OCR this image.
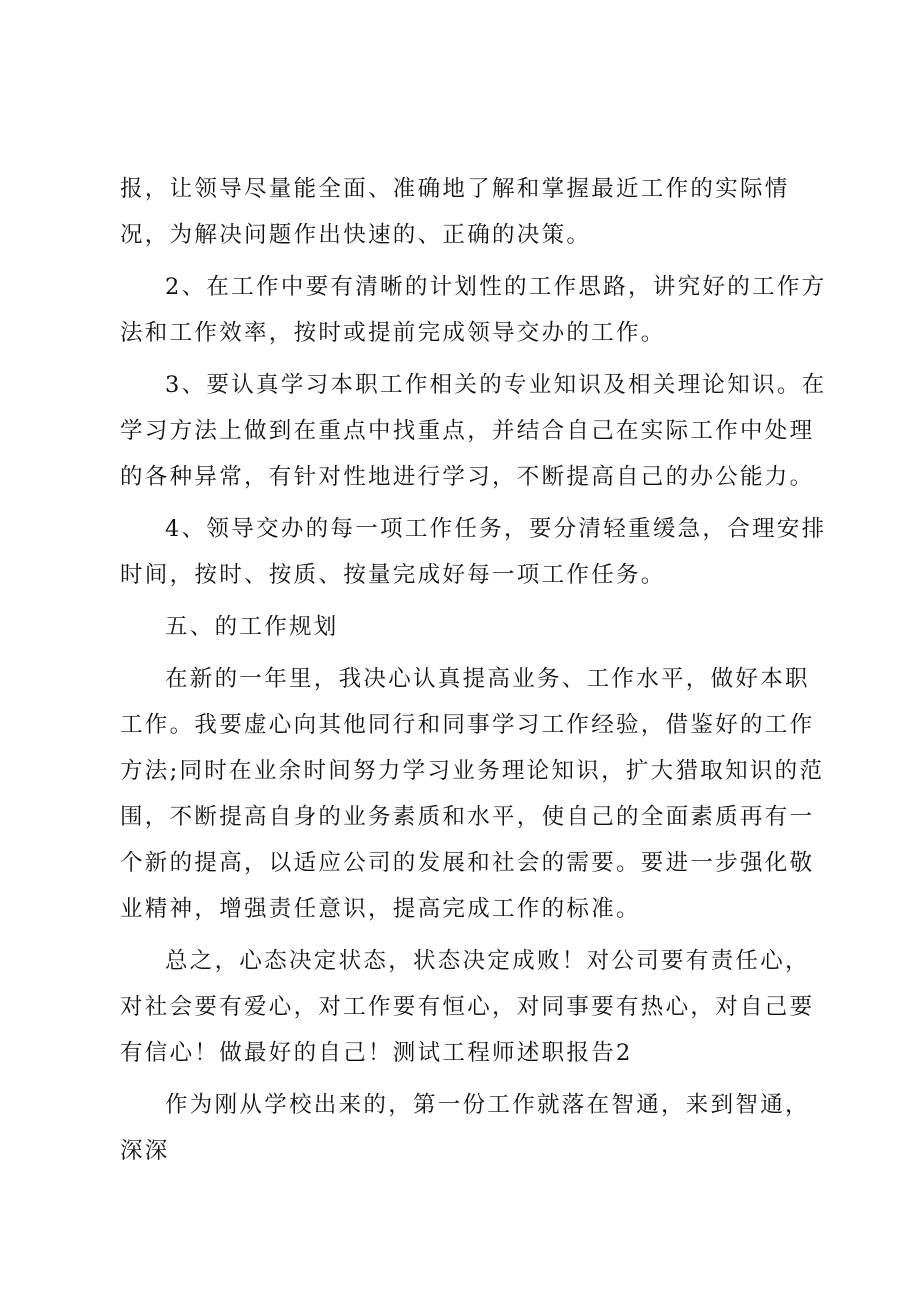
报，让领导尽量能全面、准确地了解和掌握最近工作的实际情况，为解决问题作出快速的、正确的决策。

2、在工作中要有清晰的计划性的工作思路，讲究好的工作方法和工作效率，按时或提前完成领导交办的工作。

3、要认真学习本职工作相关的专业知识及相关理论知识。在学习方法上做到在重点中找重点，并结合自己在实际工作中处理的各种异常，有针对性地进行学习，不断提高自己的办公能力。

4、领导交办的每一项工作任务，要分清轻重缓急，合理安排时间，按时、按质、按量完成好每一项工作任务。

五、的工作规划

在新的一年里，我决心认真提高业务、工作水平，做好本职工作。我要虚心向其他同行和同事学习工作经验，借鉴好的工作方法;同时在业余时间努力学习业务理论知识，扩大猎取知识的范围，不断提高自身的业务素质和水平，使自己的全面素质再有一个新的提高，以适应公司的发展和社会的需要。要进一步强化敬业精神，增强责任意识，提高完成工作的标准。

总之，心态决定状态，状态决定成败！对公司要有责任心，对社会要有爱心，对工作要有恒心，对同事要有热心，对自己要有信心！做最好的自己！测试工程师述职报告2

作为刚从学校出来的，第一份工作就落在智通，来到智通，深深
